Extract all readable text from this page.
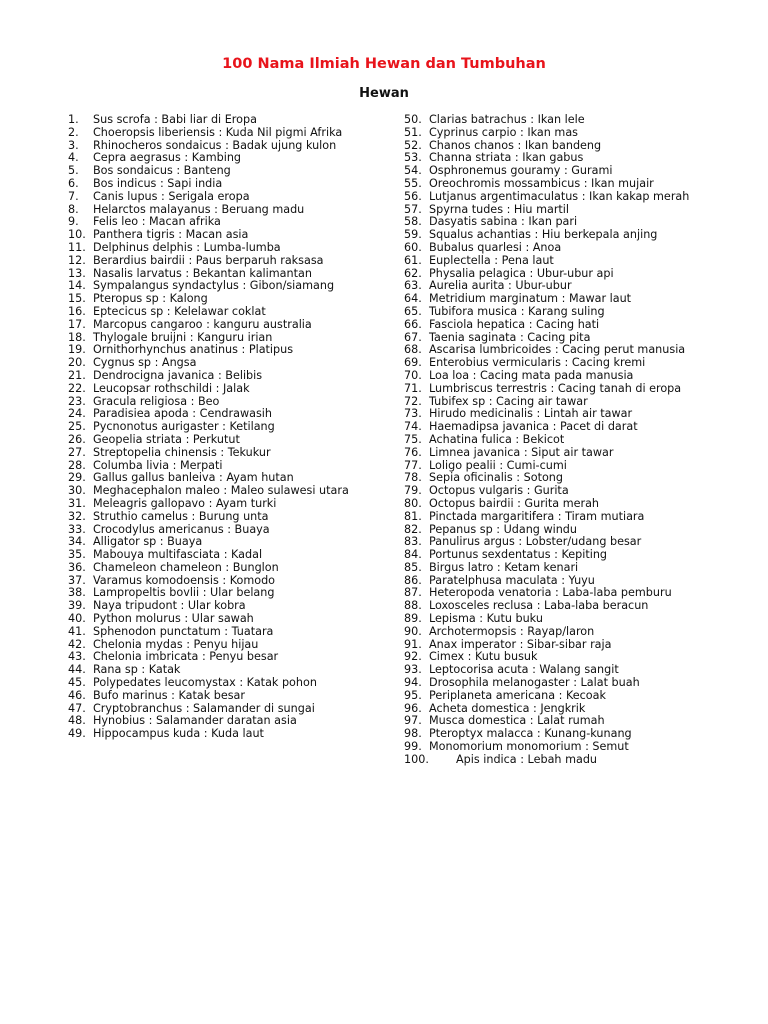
100 Nama Ilmiah Hewan dan Tumbuhan
Hewan
1.	Sus scrofa : Babi liar di Eropa
2.	Choeropsis liberiensis : Kuda Nil pigmi Afrika
3.	Rhinocheros sondaicus : Badak ujung kulon
4.	Cepra aegrasus : Kambing
5.	Bos sondaicus : Banteng
6.	Bos indicus : Sapi india
7.	Canis lupus : Serigala eropa
8.	Helarctos malayanus : Beruang madu
9.	Felis leo : Macan afrika
10. Panthera tigris : Macan asia
11. Delphinus delphis : Lumba-lumba
12. Berardius bairdii : Paus berparuh raksasa
13. Nasalis larvatus : Bekantan kalimantan
14. Sympalangus syndactylus : Gibon/siamang
15. Pteropus sp : Kalong
16. Eptecicus sp : Kelelawar coklat
17. Marcopus cangaroo : kanguru australia
18. Thylogale bruijni : Kanguru irian
19. Ornithorhynchus anatinus : Platipus
20. Cygnus sp : Angsa
21. Dendrocigna javanica : Belibis
22. Leucopsar rothschildi : Jalak
23. Gracula religiosa : Beo
24. Paradisiea apoda : Cendrawasih
25. Pycnonotus aurigaster : Ketilang
26. Geopelia striata : Perkutut
27. Streptopelia chinensis : Tekukur
28. Columba livia : Merpati
29. Gallus gallus banleiva : Ayam hutan
30. Meghacephalon maleo : Maleo sulawesi utara
31. Meleagris gallopavo : Ayam turki
32. Struthio camelus : Burung unta
33. Crocodylus americanus : Buaya
34. Alligator sp : Buaya
35. Mabouya multifasciata : Kadal
36. Chameleon chameleon : Bunglon
37. Varamus komodoensis : Komodo
38. Lampropeltis bovlii : Ular belang
39. Naya tripudont : Ular kobra
40. Python molurus : Ular sawah
41. Sphenodon punctatum : Tuatara
42. Chelonia mydas : Penyu hijau
43. Chelonia imbricata : Penyu besar
44. Rana sp : Katak
45. Polypedates leucomystax : Katak pohon
46. Bufo marinus : Katak besar
47. Cryptobranchus : Salamander di sungai
48. Hynobius : Salamander daratan asia
49. Hippocampus kuda : Kuda laut
50. Clarias batrachus : Ikan lele
51. Cyprinus carpio : Ikan mas
52. Chanos chanos : Ikan bandeng
53. Channa striata : Ikan gabus
54. Osphronemus gouramy : Gurami
55. Oreochromis mossambicus : Ikan mujair
56. Lutjanus argentimaculatus : Ikan kakap merah
57. Spyrna tudes : Hiu martil
58. Dasyatis sabina : Ikan pari
59. Squalus achantias : Hiu berkepala anjing
60. Bubalus quarlesi : Anoa
61. Euplectella : Pena laut
62. Physalia pelagica : Ubur-ubur api
63. Aurelia aurita : Ubur-ubur
64. Metridium marginatum : Mawar laut
65. Tubifora musica : Karang suling
66. Fasciola hepatica : Cacing hati
67. Taenia saginata : Cacing pita
68. Ascarisa lumbricoides : Cacing perut manusia
69. Enterobius vermicularis : Cacing kremi
70. Loa loa : Cacing mata pada manusia
71. Lumbriscus terrestris : Cacing tanah di eropa
72. Tubifex sp : Cacing air tawar
73. Hirudo medicinalis : Lintah air tawar
74. Haemadipsa javanica : Pacet di darat
75. Achatina fulica : Bekicot
76. Limnea javanica : Siput air tawar
77. Loligo pealii : Cumi-cumi
78. Sepia oficinalis : Sotong
79. Octopus vulgaris : Gurita
80. Octopus bairdii : Gurita merah
81. Pinctada margaritifera : Tiram mutiara
82. Pepanus sp : Udang windu
83. Panulirus argus : Lobster/udang besar
84. Portunus sexdentatus : Kepiting
85. Birgus latro : Ketam kenari
86. Paratelphusa maculata : Yuyu
87. Heteropoda venatoria : Laba-laba pemburu
88. Loxosceles reclusa : Laba-laba beracun
89. Lepisma : Kutu buku
90. Archotermopsis : Rayap/laron
91. Anax imperator : Sibar-sibar raja
92. Cimex : Kutu busuk
93. Leptocorisa acuta : Walang sangit
94. Drosophila melanogaster : Lalat buah
95. Periplaneta americana : Kecoak
96. Acheta domestica : Jengkrik
97. Musca domestica : Lalat rumah
98. Pteroptyx malacca : Kunang-kunang
99. Monomorium monomorium : Semut
100.	Apis indica : Lebah madu
